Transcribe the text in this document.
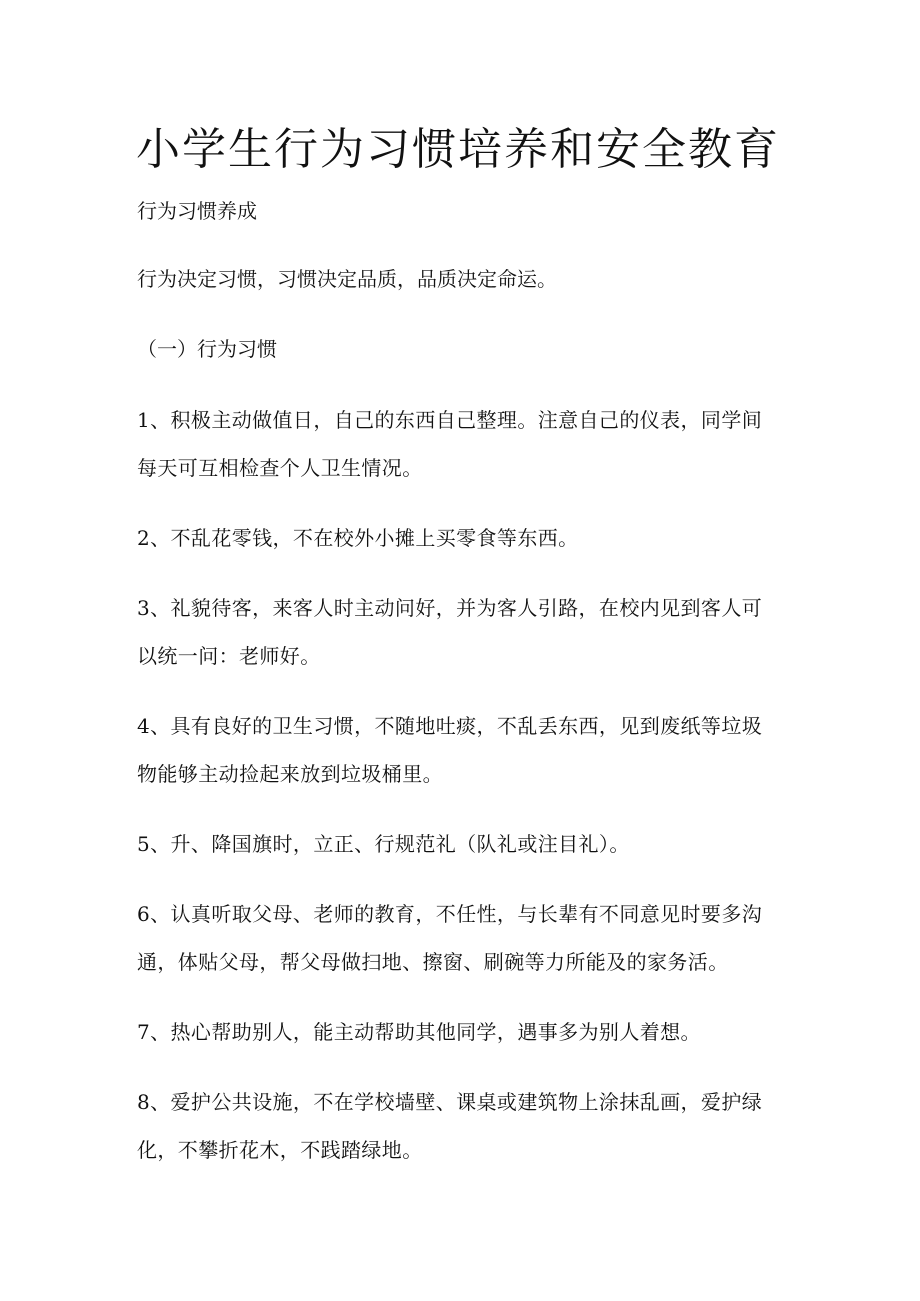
小学生行为习惯培养和安全教育
行为习惯养成
行为决定习惯，习惯决定品质，品质决定命运。
（一）行为习惯

1、积极主动做值日，自己的东西自己整理。注意自己的仪表，同学间每天可互相检查个人卫生情况。

2、不乱花零钱，不在校外小摊上买零食等东西。

3、礼貌待客，来客人时主动问好，并为客人引路，在校内见到客人可以统一问：老师好。

4、具有良好的卫生习惯，不随地吐痰，不乱丢东西，见到废纸等垃圾物能够主动捡起来放到垃圾桶里。

5、升、降国旗时，立正、行规范礼（队礼或注目礼）。

6、认真听取父母、老师的教育，不任性，与长辈有不同意见时要多沟通，体贴父母，帮父母做扫地、擦窗、刷碗等力所能及的家务活。

7、热心帮助别人，能主动帮助其他同学，遇事多为别人着想。

8、爱护公共设施，不在学校墙壁、课桌或建筑物上涂抹乱画，爱护绿化，不攀折花木，不践踏绿地。
